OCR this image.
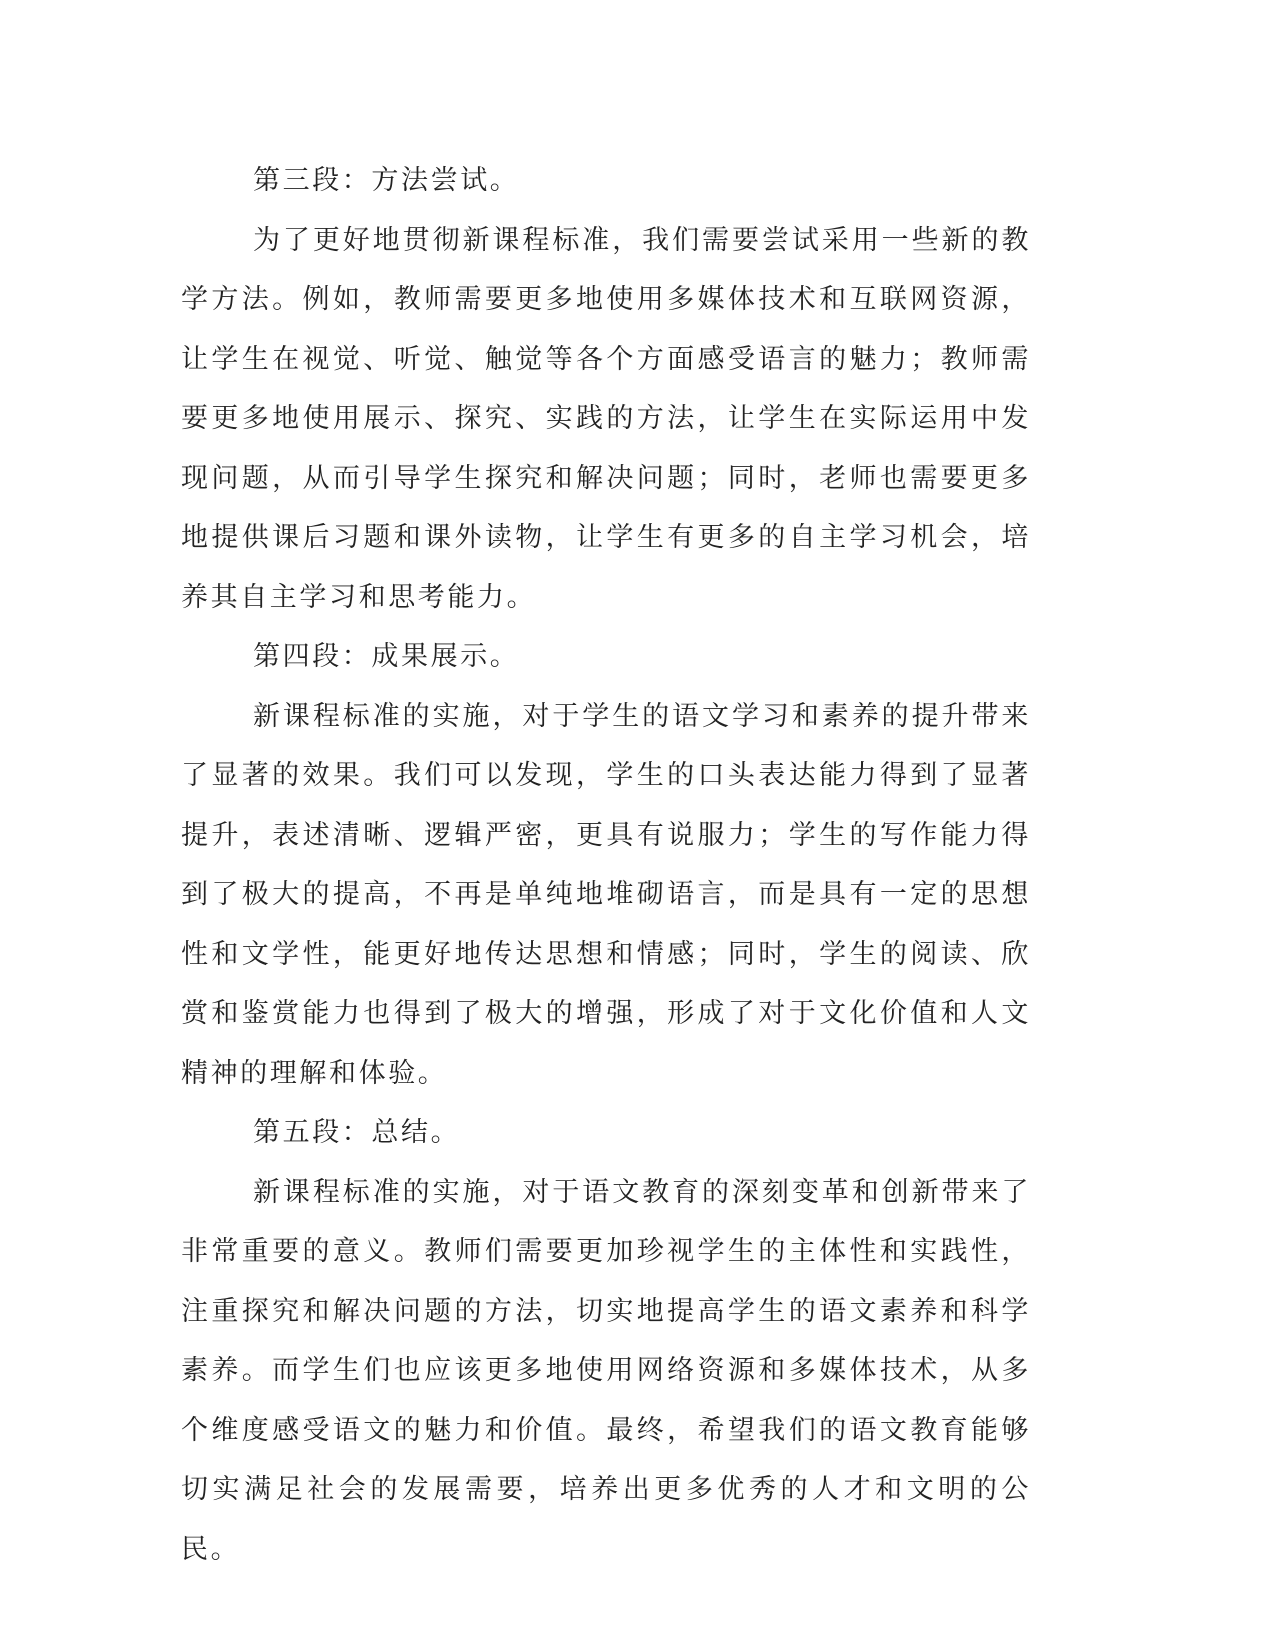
第三段：方法尝试。

为了更好地贯彻新课程标准，我们需要尝试采用一些新的教学方法。例如，教师需要更多地使用多媒体技术和互联网资源，让学生在视觉、听觉、触觉等各个方面感受语言的魅力；教师需要更多地使用展示、探究、实践的方法，让学生在实际运用中发现问题，从而引导学生探究和解决问题；同时，老师也需要更多地提供课后习题和课外读物，让学生有更多的自主学习机会，培养其自主学习和思考能力。

第四段：成果展示。

新课程标准的实施，对于学生的语文学习和素养的提升带来了显著的效果。我们可以发现，学生的口头表达能力得到了显著提升，表述清晰、逻辑严密，更具有说服力；学生的写作能力得到了极大的提高，不再是单纯地堆砌语言，而是具有一定的思想性和文学性，能更好地传达思想和情感；同时，学生的阅读、欣赏和鉴赏能力也得到了极大的增强，形成了对于文化价值和人文精神的理解和体验。

第五段：总结。

新课程标准的实施，对于语文教育的深刻变革和创新带来了非常重要的意义。教师们需要更加珍视学生的主体性和实践性，注重探究和解决问题的方法，切实地提高学生的语文素养和科学素养。而学生们也应该更多地使用网络资源和多媒体技术，从多个维度感受语文的魅力和价值。最终，希望我们的语文教育能够切实满足社会的发展需要，培养出更多优秀的人才和文明的公民。
